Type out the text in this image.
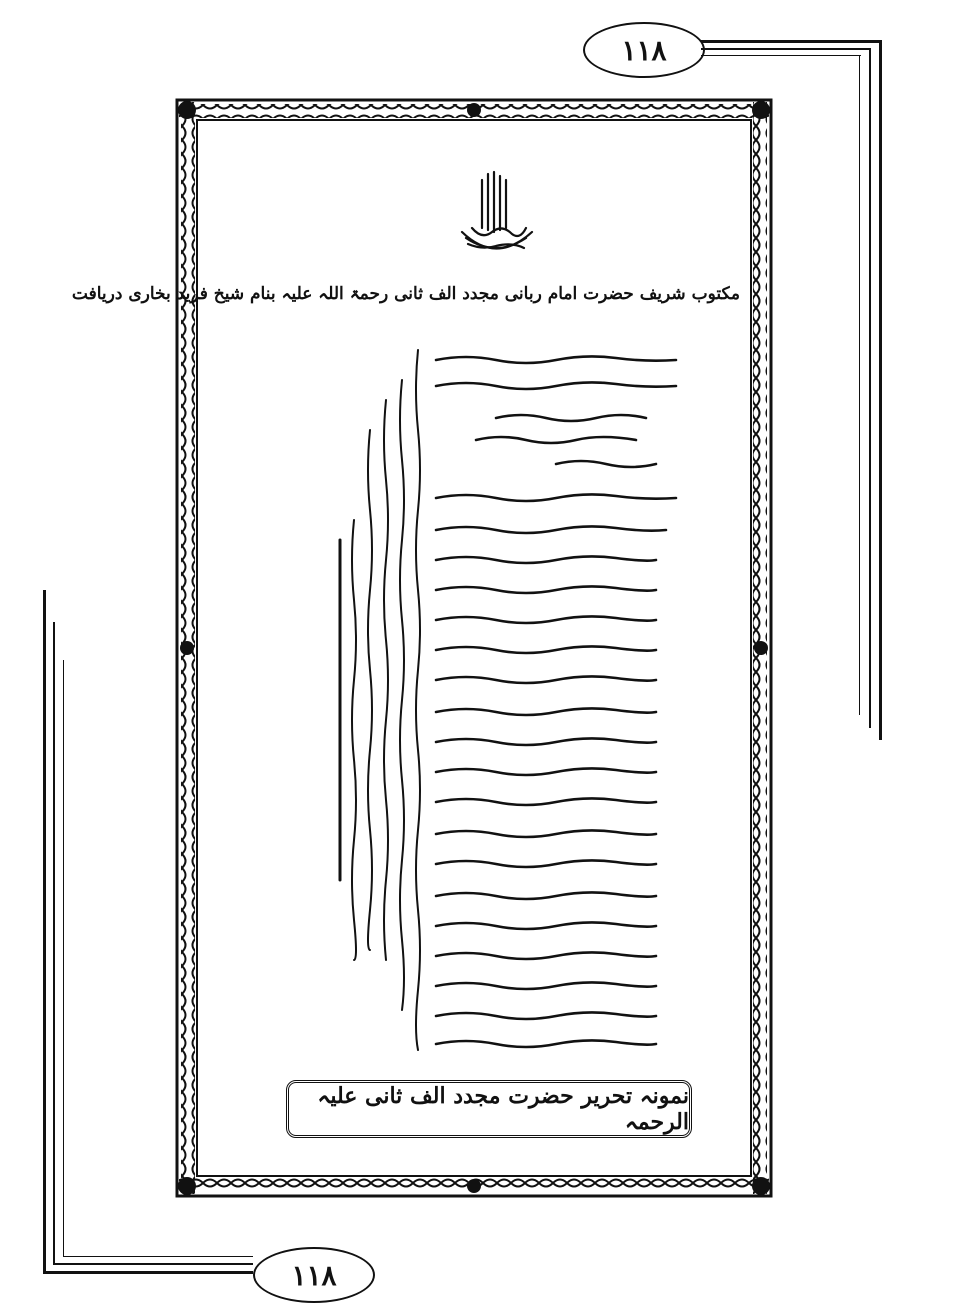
۱۱۸
۱۱۸
مکتوب شریف حضرت امام ربانی مجدد الف ثانی رحمۃ اللہ علیہ بنام شیخ فرید بخاری دریافت
نمونہ تحریر حضرت مجدد الف ثانی علیہ الرحمہ
